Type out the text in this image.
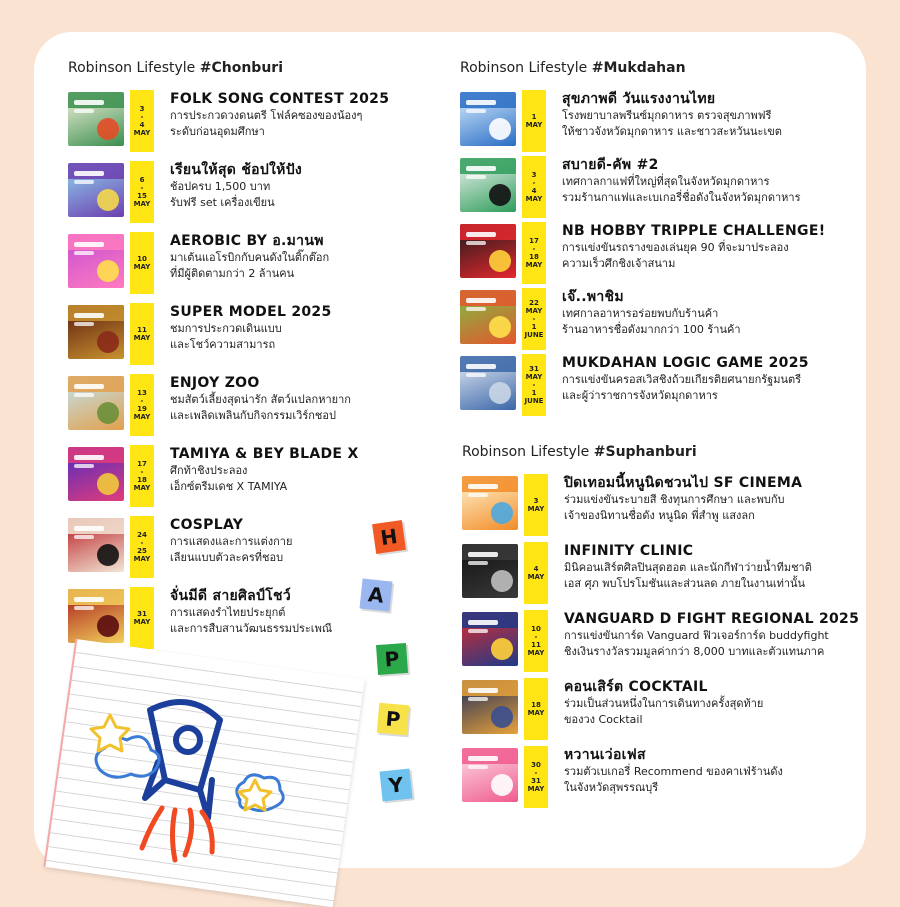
Robinson Lifestyle #Chonburi
3
-
4
MAY
FOLK SONG CONTEST 2025
การประกวดวงดนตรี โฟล์คซองของน้องๆ
ระดับก่อนอุดมศึกษา
6
-
15
MAY
เรียนให้สุด ช้อปให้ปัง
ช้อปครบ 1,500 บาท
รับฟรี set เครื่องเขียน
10
MAY
AEROBIC BY อ.มานพ
มาเต้นแอโรบิกกับคนดังในติ๊กต๊อก
ที่มีผู้ติดตามกว่า 2 ล้านคน
11
MAY
SUPER MODEL 2025
ชมการประกวดเดินแบบ
และโชว์ความสามารถ
13
-
19
MAY
ENJOY ZOO
ชมสัตว์เลี้ยงสุดน่ารัก สัตว์แปลกหายาก
และเพลิดเพลินกับกิจกรรมเวิร์กชอป
17
-
18
MAY
TAMIYA & BEY BLADE X
ศึกท้าชิงประลอง
เอ็กซ์ตรีมเดช X TAMIYA
24
-
25
MAY
COSPLAY
การแสดงและการแต่งกาย
เลียนแบบตัวละครที่ชอบ
31
MAY
จั่นมีดี สายศิลป์โชว์
การแสดงรำไทยประยุกต์
และการสืบสานวัฒนธรรมประเพณี
Robinson Lifestyle #Mukdahan
1
MAY
สุขภาพดี วันแรงงานไทย
โรงพยาบาลพรีนซ์มุกดาหาร ตรวจสุขภาพฟรี
ให้ชาวจังหวัดมุกดาหาร และชาวสะหวันนะเขต
3
-
4
MAY
สบายดี-คัพ #2
เทศกาลกาแฟที่ใหญ่ที่สุดในจังหวัดมุกดาหาร
รวมร้านกาแฟและเบเกอรี่ชื่อดังในจังหวัดมุกดาหาร
17
-
18
MAY
NB HOBBY TRIPPLE CHALLENGE!
การแข่งขันรถรางของเล่นยุค 90 ที่จะมาประลอง
ความเร็วศึกชิงเจ้าสนาม
22
MAY
-
1
JUNE
เจ๊..พาชิม
เทศกาลอาหารอร่อยพบกับร้านค้า
ร้านอาหารชื่อดังมากกว่า 100 ร้านค้า
31
MAY
-
1
JUNE
MUKDAHAN LOGIC GAME 2025
การแข่งขันครอสเวิสชิงถ้วยเกียรติยศนายกรัฐมนตรี
และผู้ว่าราชการจังหวัดมุกดาหาร
Robinson Lifestyle #Suphanburi
3
MAY
ปิดเทอมนี้หนูนิดชวนไป SF CINEMA
ร่วมแข่งขันระบายสี ชิงทุนการศึกษา และพบกับ
เจ้าของนิทานชื่อดัง หนูนิด พี่สำพู แสงลก
4
MAY
INFINITY CLINIC
มินิคอนเสิร์ตศิลปินสุดฮอต และนักกีฬาว่ายน้ำทีมชาติ
เอส ศุภ พบโปรโมชันและส่วนลด ภายในงานเท่านั้น
10
-
11
MAY
VANGUARD D FIGHT REGIONAL 2025
การแข่งขันการ์ด Vanguard ฟิวเจอร์การ์ด buddyfight
ชิงเงินรางวัลรวมมูลค่ากว่า 8,000 บาทและตัวแทนภาค
18
MAY
คอนเสิร์ต COCKTAIL
ร่วมเป็นส่วนหนึ่งในการเดินทางครั้งสุดท้าย
ของวง Cocktail
30
-
31
MAY
หวานเว่อเฟส
รวมตัวเบเกอรี่ Recommend ของคาเฟ่ร้านดัง
ในจังหวัดสุพรรณบุรี
H
A
P
P
Y
